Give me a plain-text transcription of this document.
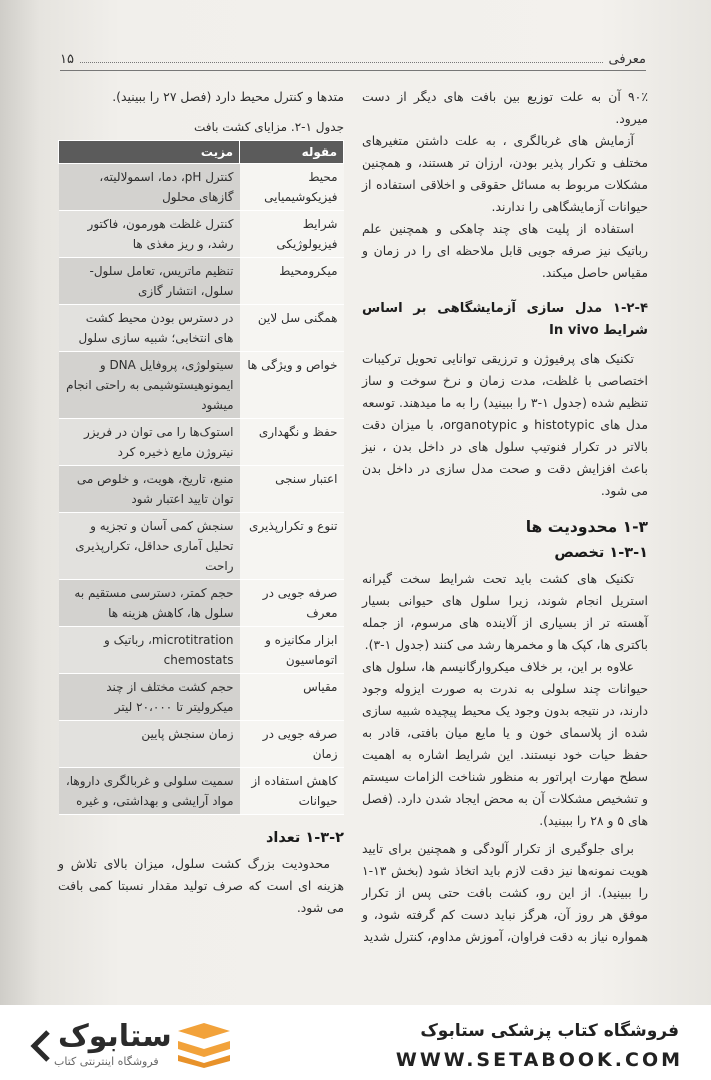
۱۵	معرفی

۹۰٪ آن به علت توزیع بین بافت های دیگر از دست میرود.

آزمایش های غربالگری ، به علت داشتن متغیرهای مختلف و تکرار پذیر بودن، ارزان تر هستند، و همچنین مشکلات مربوط به مسائل حقوقی و اخلاقی استفاده از حیوانات آزمایشگاهی را ندارند.

استفاده از پلیت های چند چاهکی و همچنین علم رباتیک نیز صرفه جویی قابل ملاحظه ای را در زمان و مقیاس حاصل میکند.

۱-۲-۴ مدل سازی آزمایشگاهی بر اساس شرایط In vivo

تکنیک های پرفیوژن و ترزیقی توانایی تحویل ترکیبات اختصاصی با غلظت، مدت زمان و نرخ سوخت و ساز تنظیم شده (جدول ۱-۳ را ببینید) را به ما میدهند. توسعه مدل های histotypic و organotypic، با میزان دقت بالاتر در تکرار فنوتیپ سلول های در داخل بدن ، نیز باعث افزایش دقت و صحت مدل سازی در داخل بدن می شود.

۱-۳ محدودیت ها
۱-۳-۱ تخصص

تکنیک های کشت باید تحت شرایط سخت گیرانه استریل انجام شوند، زیرا سلول های حیوانی بسیار آهسته تر از بسیاری از آلاینده های مرسوم، از جمله باکتری ها، کپک ها و مخمرها رشد می کنند (جدول ۱-۳).

علاوه بر این، بر خلاف میکروارگانیسم ها، سلول های حیوانات چند سلولی به ندرت به صورت ایزوله وجود دارند، در نتیجه بدون وجود یک محیط پیچیده شبیه سازی شده از پلاسمای خون و یا مایع میان بافتی، قادر به حفظ حیات خود نیستند. این شرایط اشاره به اهمیت سطح مهارت اپراتور به منظور شناخت الزامات سیستم و تشخیص مشکلات آن به محض ایجاد شدن دارد. (فصل های ۵ و ۲۸ را ببینید).

برای جلوگیری از تکرار آلودگی و همچنین برای تایید هویت نمونه‌ها نیز دقت لازم باید اتخاذ شود (بخش ۱۳-۱ را ببینید). از این رو، کشت بافت حتی پس از تکرار موفق هر روز آن، هرگز نباید دست کم گرفته شود، و همواره نیاز به دقت فراوان، آموزش مداوم، کنترل شدید

متدها و کنترل محیط دارد (فصل ۲۷ را ببینید).

جدول ۱-۲. مزایای کشت بافت
مقوله	مزیت
محیط فیزیکوشیمیایی	کنترل pH، دما، اسمولالیته، گازهای محلول
شرایط فیزیولوژیکی	کنترل غلظت هورمون، فاکتور رشد، و ریز مغذی ها
میکرومحیط	تنظیم ماتریس، تعامل سلول-سلول، انتشار گازی
همگنی سل لاین	در دسترس بودن محیط کشت های انتخابی؛ شبیه سازی سلول
خواص و ویژگی ها	سیتولوژی، پروفایل DNA و ایمونوهیستوشیمی به راحتی انجام میشود
حفظ و نگهداری	استوک‌ها را می توان در فریزر نیتروژن مایع ذخیره کرد
اعتبار سنجی	منبع، تاریخ، هویت، و خلوص می توان تایید اعتبار شود
تنوع و تکرارپذیری	سنجش کمی آسان و تجزیه و تحلیل آماری حداقل، تکرارپذیری راحت
صرفه جویی در معرف	حجم کمتر، دسترسی مستقیم به سلول ها، کاهش هزینه ها
ابزار مکانیزه و اتوماسیون	microtitration، رباتیک و chemostats
مقیاس	حجم کشت مختلف از چند میکرولیتر تا ۲۰،۰۰۰ لیتر
صرفه جویی در زمان	زمان سنجش پایین
کاهش استفاده از حیوانات	سمیت سلولی و غربالگری داروها، مواد آرایشی و بهداشتی، و غیره
۱-۳-۲ تعداد

محدودیت بزرگ کشت سلول، میزان بالای تلاش و هزینه ای است که صرف تولید مقدار نسبتا کمی بافت می شود.

ستابوک
فروشگاه اینترنتی کتاب
فروشگاه کتاب پزشکی ستابوک
WWW.SETABOOK.COM
